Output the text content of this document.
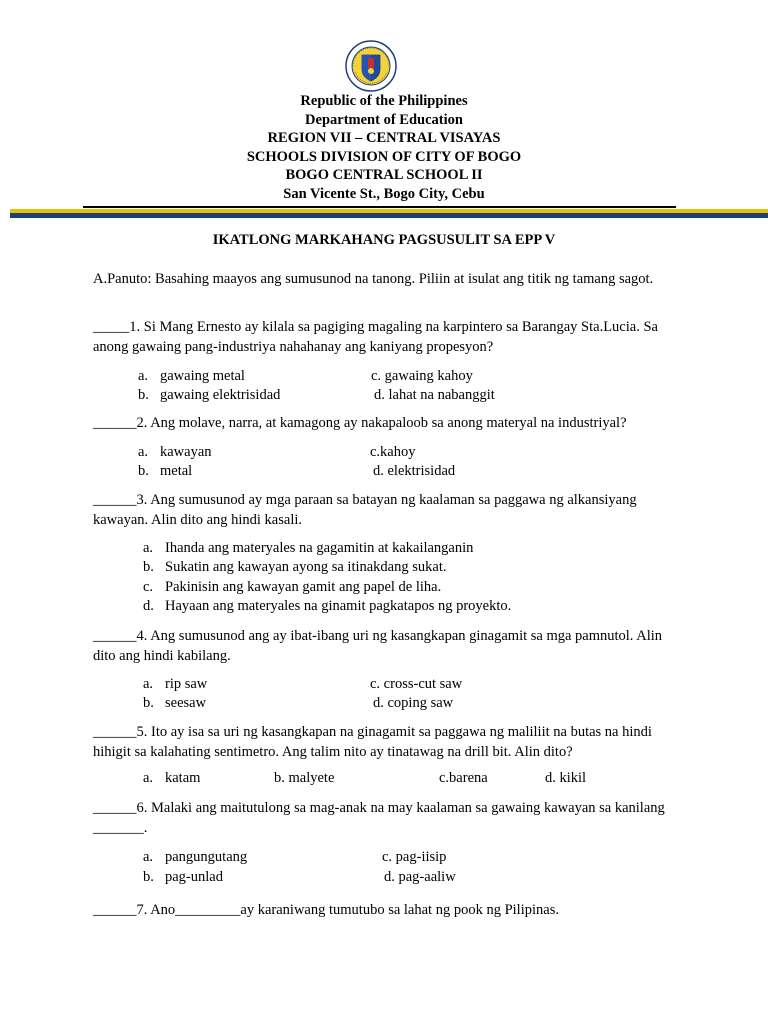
Republic of the Philippines
Department of Education
REGION VII – CENTRAL VISAYAS
SCHOOLS DIVISION OF CITY OF BOGO
BOGO CENTRAL SCHOOL II
San Vicente St., Bogo City, Cebu
IKATLONG MARKAHANG PAGSUSULIT SA EPP V
A.Panuto: Basahing maayos ang sumusunod na tanong. Piliin at isulat ang titik ng tamang sagot.
_____1. Si Mang Ernesto ay kilala sa pagiging magaling na karpintero sa Barangay Sta.Lucia. Sa anong gawaing pang-industriya nahahanay ang kaniyang propesyon?
a. gawaing metal
b. gawaing elektrisidad
c. gawaing kahoy
d. lahat na nabanggit
______2. Ang molave, narra, at kamagong ay nakapaloob sa anong materyal na industriyal?
a. kawayan
b. metal
c.kahoy
d. elektrisidad
______3. Ang sumusunod ay mga paraan sa batayan ng kaalaman sa paggawa ng alkansiyang kawayan. Alin dito ang hindi kasali.
a. Ihanda ang materyales na gagamitin at kakailanganin
b. Sukatin ang kawayan ayong sa itinakdang sukat.
c. Pakinisin ang kawayan gamit ang papel de liha.
d. Hayaan ang materyales na ginamit pagkatapos ng proyekto.
______4. Ang sumusunod ang ay ibat-ibang uri ng kasangkapan ginagamit sa mga pamnutol. Alin dito ang hindi kabilang.
a. rip saw
b. seesaw
c. cross-cut saw
d. coping saw
______5. Ito ay isa sa uri ng kasangkapan na ginagamit sa paggawa ng maliliit na butas na hindi hihigit sa kalahating sentimetro. Ang talim nito ay tinatawag na drill bit. Alin dito?
a. katam	b. malyete	c.barena	d. kikil
______6. Malaki ang maitutulong sa mag-anak na may kaalaman sa gawaing kawayan sa kanilang _______.
a. pangungutang
b. pag-unlad
c. pag-iisip
d. pag-aaliw
______7. Ano_________ay karaniwang tumutubo sa lahat ng pook ng Pilipinas.
